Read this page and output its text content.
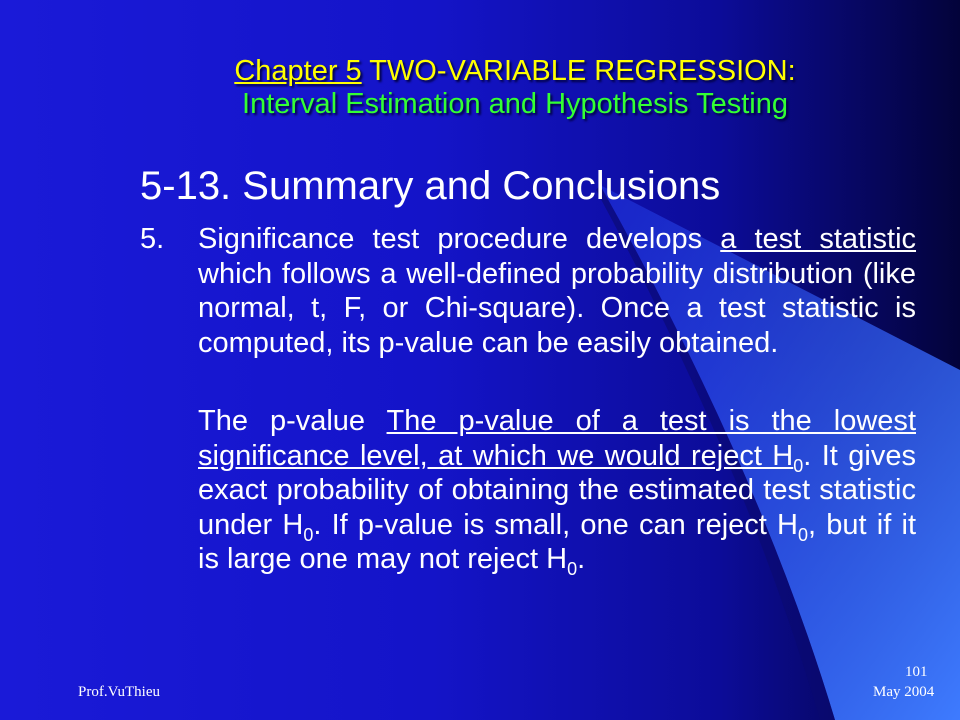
Chapter 5 TWO-VARIABLE REGRESSION:
Interval Estimation and Hypothesis Testing
5-13. Summary and Conclusions
5.	Significance test procedure develops a test statistic which follows a well-defined probability distribution (like normal, t, F, or Chi-square). Once a test statistic is computed, its p-value can be easily obtained.
The p-value The p-value of a test is the lowest significance level, at which we would reject $H_0$. It gives exact probability of obtaining the estimated test statistic under $H_0$. If p-value is small, one can reject $H_0$, but if it is large one may not reject $H_0$.
Prof.VuThieu
101
May 2004
